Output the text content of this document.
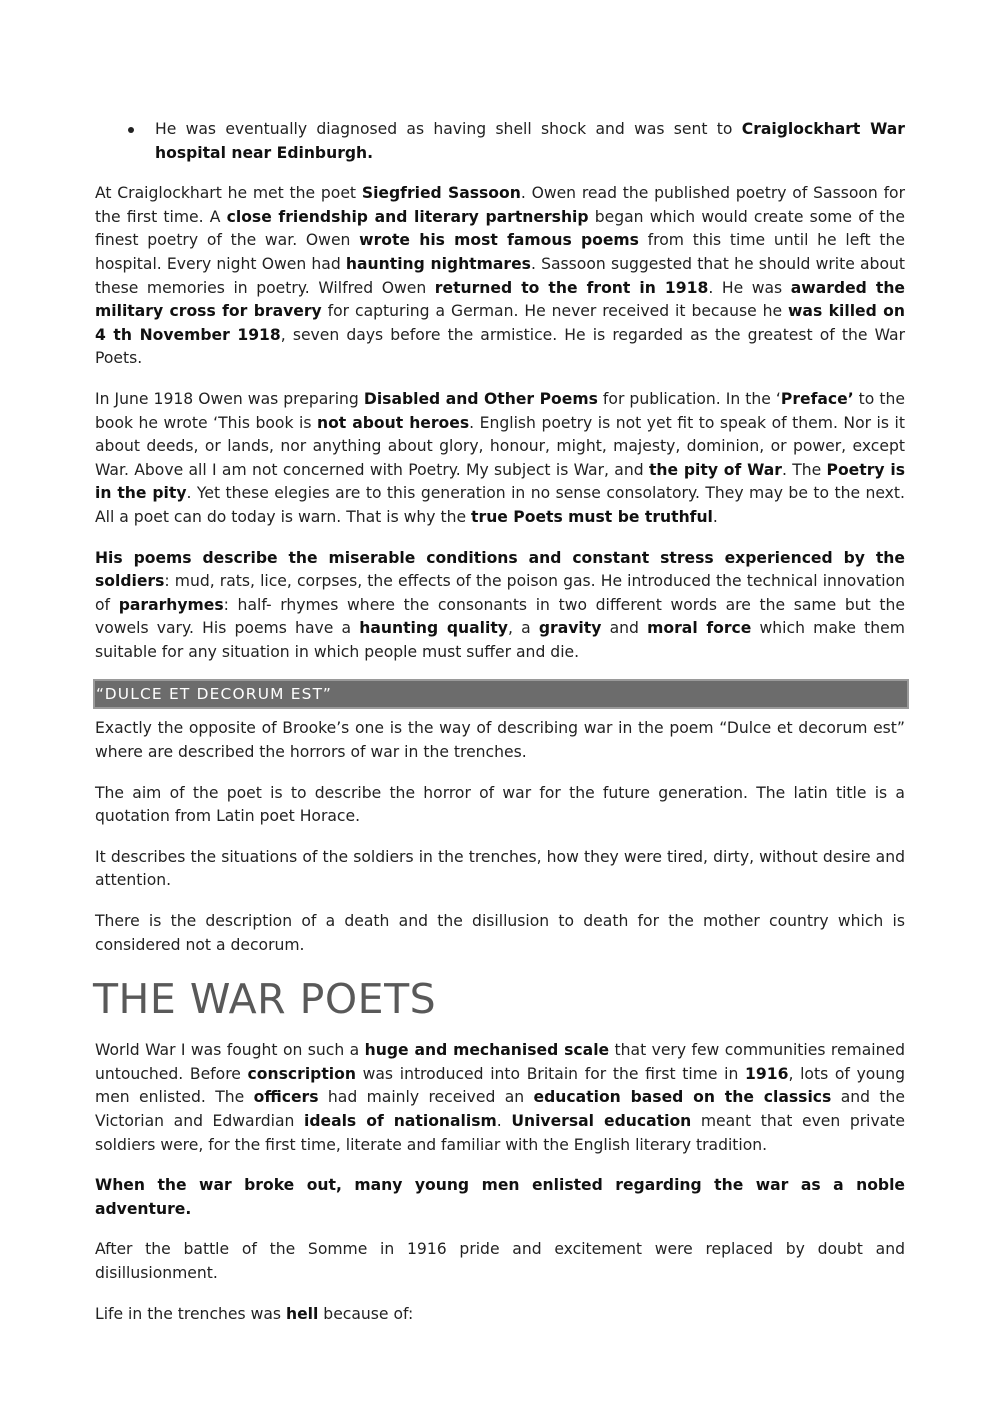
He was eventually diagnosed as having shell shock and was sent to Craiglockhart War hospital near Edinburgh.

At Craiglockhart he met the poet Siegfried Sassoon. Owen read the published poetry of Sassoon for the first time. A close friendship and literary partnership began which would create some of the finest poetry of the war. Owen wrote his most famous poems from this time until he left the hospital. Every night Owen had haunting nightmares. Sassoon suggested that he should write about these memories in poetry. Wilfred Owen returned to the front in 1918. He was awarded the military cross for bravery for capturing a German. He never received it because he was killed on 4 th November 1918, seven days before the armistice. He is regarded as the greatest of the War Poets.

In June 1918 Owen was preparing Disabled and Other Poems for publication. In the ‘Preface’ to the book he wrote ‘This book is not about heroes. English poetry is not yet fit to speak of them. Nor is it about deeds, or lands, nor anything about glory, honour, might, majesty, dominion, or power, except War. Above all I am not concerned with Poetry. My subject is War, and the pity of War. The Poetry is in the pity. Yet these elegies are to this generation in no sense consolatory. They may be to the next. All a poet can do today is warn. That is why the true Poets must be truthful.

His poems describe the miserable conditions and constant stress experienced by the soldiers: mud, rats, lice, corpses, the effects of the poison gas. He introduced the technical innovation of pararhymes: half- rhymes where the consonants in two different words are the same but the vowels vary. His poems have a haunting quality, a gravity and moral force which make them suitable for any situation in which people must suffer and die.

“DULCE ET DECORUM EST”

Exactly the opposite of Brooke’s one is the way of describing war in the poem “Dulce et decorum est” where are described the horrors of war in the trenches.

The aim of the poet is to describe the horror of war for the future generation. The latin title is a quotation from Latin poet Horace.

It describes the situations of the soldiers in the trenches, how they were tired, dirty, without desire and attention.

There is the description of a death and the disillusion to death for the mother country which is considered not a decorum.

THE WAR POETS

World War I was fought on such a huge and mechanised scale that very few communities remained untouched. Before conscription was introduced into Britain for the first time in 1916, lots of young men enlisted. The officers had mainly received an education based on the classics and the Victorian and Edwardian ideals of nationalism. Universal education meant that even private soldiers were, for the first time, literate and familiar with the English literary tradition.

When the war broke out, many young men enlisted regarding the war as a noble adventure.

After the battle of the Somme in 1916 pride and excitement were replaced by doubt and disillusionment.

Life in the trenches was hell because of:
